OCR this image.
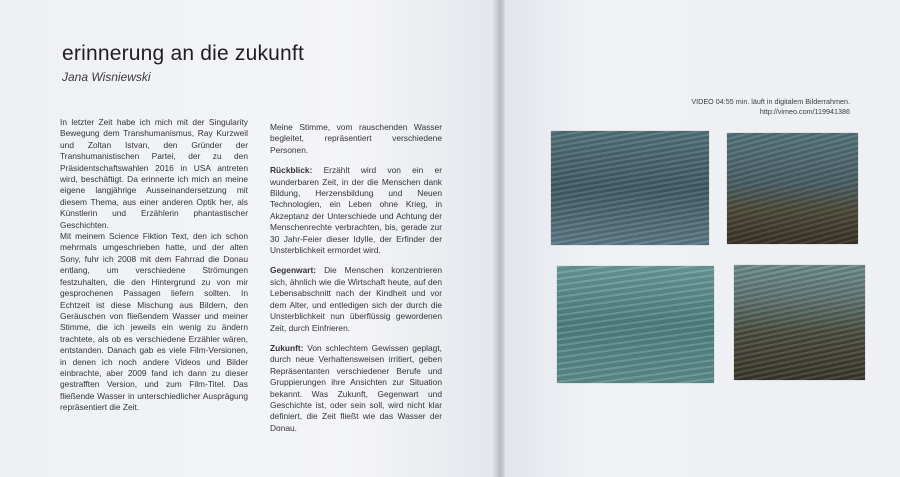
erinnerung an die zukunft
Jana Wisniewski

In letzter Zeit habe ich mich mit der Singularity Bewegung dem Transhumanismus, Ray Kurzweil und Zoltan Istvan, den Gründer der Transhumanistischen Partei, der zu den Präsidentschaftswahlen 2016 in USA antreten wird, beschäftigt. Da erinnerte ich mich an meine eigene langjährige Ausseinandersetzung mit diesem Thema, aus einer anderen Optik her, als Künstlerin und Erzählerin phantastischer Geschichten.

Mit meinem Science Fiktion Text, den ich schon mehrmals umgeschrieben hatte, und der alten Sony, fuhr ich 2008 mit dem Fahrrad die Donau entlang, um verschiedene Strömungen festzuhalten, die den Hintergrund zu von mir gesprochenen Passagen liefern sollten. In Echtzeit ist diese Mischung aus Bildern, den Geräuschen von fließendem Wasser und meiner Stimme, die ich jeweils ein wenig zu ändern trachtete, als ob es verschiedene Erzähler wären, entstanden. Danach gab es viele Film-Versionen, in denen ich noch andere Videos und Bilder einbrachte, aber 2009 fand ich dann zu dieser gestrafften Version, und zum Film-Titel. Das fließende Wasser in unterschiedlicher Ausprägung repräsentiert die Zeit.

Meine Stimme, vom rauschenden Wasser begleitet, repräsentiert verschiedene Personen.

Rückblick: Erzählt wird von ein er wunderbaren Zeit, in der die Menschen dank Bildung, Herzensbildung und Neuen Technologien, ein Leben ohne Krieg, in Akzeptanz der Unterschiede und Achtung der Menschenrechte verbrachten, bis, gerade zur 30 Jahr-Feier dieser Idylle, der Erfinder der Unsterblichkeit ermordet wird.

Gegenwart: Die Menschen konzentrieren sich, ähnlich wie die Wirtschaft heute, auf den Lebensabschnitt nach der Kindheit und vor dem Alter, und entledigen sich der durch die Unsterblichkeit nun überflüssig gewordenen Zeit, durch Einfrieren.

Zukunft: Von schlechtem Gewissen geplagt, durch neue Verhaltensweisen irritiert, geben Repräsentanten verschiedener Berufe und Gruppierungen ihre Ansichten zur Situation bekannt. Was Zukunft, Gegenwart und Geschichte ist, oder sein soll, wird nicht klar definiert, die Zeit fließt wie das Wasser der Donau.

VIDEO 04:55 min. läuft in digitalem Bilderrahmen.
http://vimeo.com/119941386
